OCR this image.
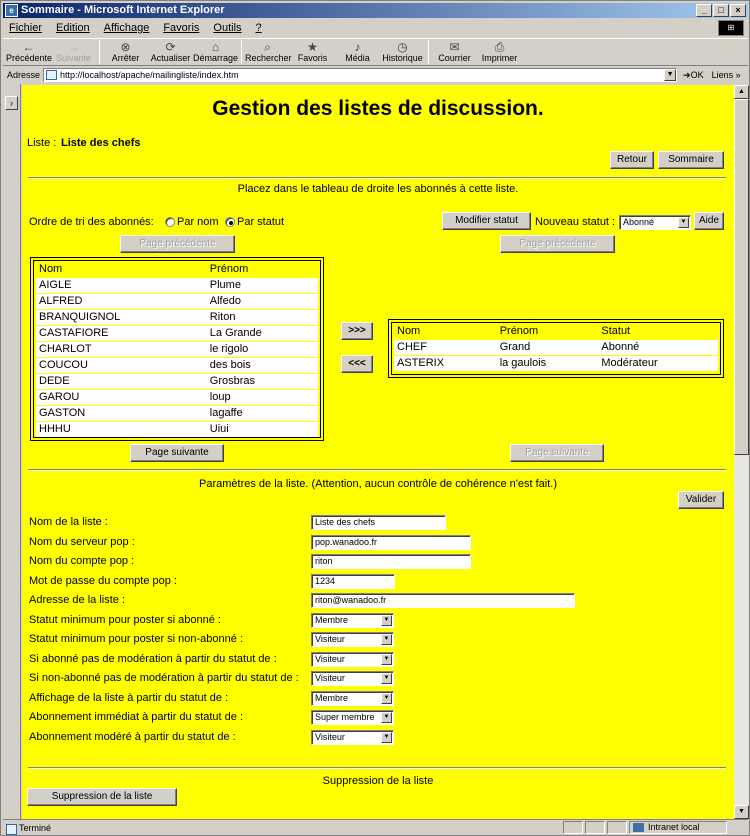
e Sommaire - Microsoft Internet Explorer	_	□	×
Fichier Edition Affichage Favoris Outils ?	⊞
←
Précédente
→
Suivante
⊗
Arrêter
⟳
Actualiser
⌂
Démarrage
⌕
Rechercher
★
Favoris
♪
Média
◷
Historique
✉
Courrier
⎙
Imprimer
Adresse	http://localhost/apache/mailingliste/index.htm	▼ ➜OK Liens »
›	Gestion des listes de discussion.
Liste : Liste des chefs
Retour	Sommaire
Placez dans le tableau de droite les abonnés à cette liste.
Ordre de tri des abonnés: Par nom Par statut	Modifier statut	Nouveau statut : Abonné	▼	Aide
Page précédente	Page précédente
Nom	Prénom
AIGLE	Plume
ALFRED	Alfedo
BRANQUIGNOL	Riton
CASTAFIORE	La Grande
CHARLOT	le rigolo
COUCOU	des bois
DEDE	Grosbras
GAROU	loup
GASTON	lagaffe
HHHU	Uiui
>>>
<<<
Nom	Prénom	Statut
CHEF	Grand	Abonné
ASTERIX	la gaulois	Modérateur
Page suivante	Page suivante
Paramètres de la liste. (Attention, aucun contrôle de cohérence n'est fait.)
Valider
Nom de la liste :	Liste des chefs
Nom du serveur pop :	pop.wanadoo.fr
Nom du compte pop :	riton
Mot de passe du compte pop :	1234
Adresse de la liste :	riton@wanadoo.fr
Statut minimum pour poster si abonné :	Membre	▼
Statut minimum pour poster si non-abonné :	Visiteur	▼
Si abonné pas de modération à partir du statut de :	Visiteur	▼
Si non-abonné pas de modération à partir du statut de :	Visiteur	▼
Affichage de la liste à partir du statut de :	Membre	▼
Abonnement immédiat à partir du statut de :	Super membre	▼
Abonnement modéré à partir du statut de :	Visiteur	▼
Suppression de la liste
Suppression de la liste
▲
▼
Terminé	Intranet local
